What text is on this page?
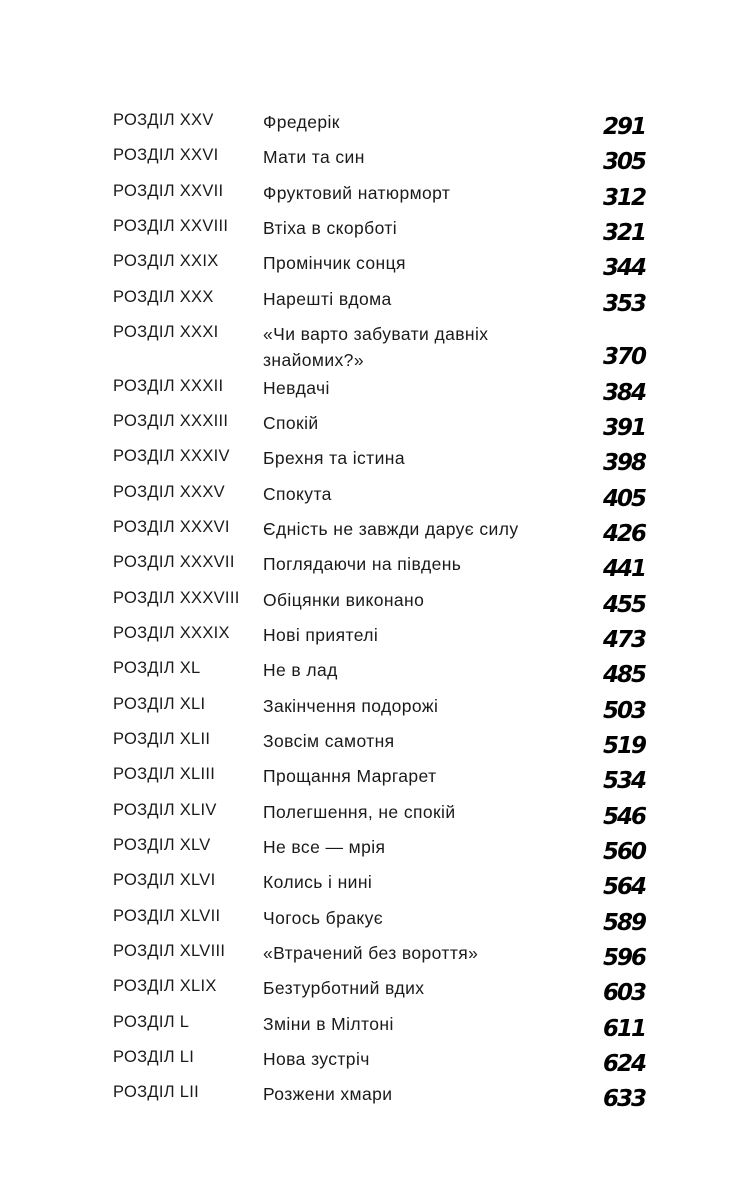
РОЗДІЛ XXV	Фредерік	291
РОЗДІЛ XXVI	Мати та син	305
РОЗДІЛ XXVII Фруктовий натюрморт	312
РОЗДІЛ XXVIII Втіха в скорботі	321
РОЗДІЛ XXIX	Промінчик сонця	344
РОЗДІЛ XXX	Нарешті вдома	353
РОЗДІЛ XXXI	«Чи варто забувати давніх знайомих?»	370
РОЗДІЛ XXXII Невдачі	384
РОЗДІЛ XXXIII Спокій	391
РОЗДІЛ XXXIV Брехня та істина	398
РОЗДІЛ XXXV Спокута	405
РОЗДІЛ XXXVI Єдність не завжди дарує силу	426
РОЗДІЛ XXXVII Поглядаючи на південь	441
РОЗДІЛ XXXVIII Обіцянки виконано	455
РОЗДІЛ XXXIX Нові приятелі	473
РОЗДІЛ XL	Не в лад	485
РОЗДІЛ XLI	Закінчення подорожі	503
РОЗДІЛ XLII	Зовсім самотня	519
РОЗДІЛ XLIII	Прощання Маргарет	534
РОЗДІЛ XLIV	Полегшення, не спокій	546
РОЗДІЛ XLV	Не все — мрія	560
РОЗДІЛ XLVI	Колись і нині	564
РОЗДІЛ XLVII Чогось бракує	589
РОЗДІЛ XLVIII «Втрачений без вороття»	596
РОЗДІЛ XLIX	Безтурботний вдих	603
РОЗДІЛ L	Зміни в Мілтоні	611
РОЗДІЛ LI	Нова зустріч	624
РОЗДІЛ LII	Розжени хмари	633
